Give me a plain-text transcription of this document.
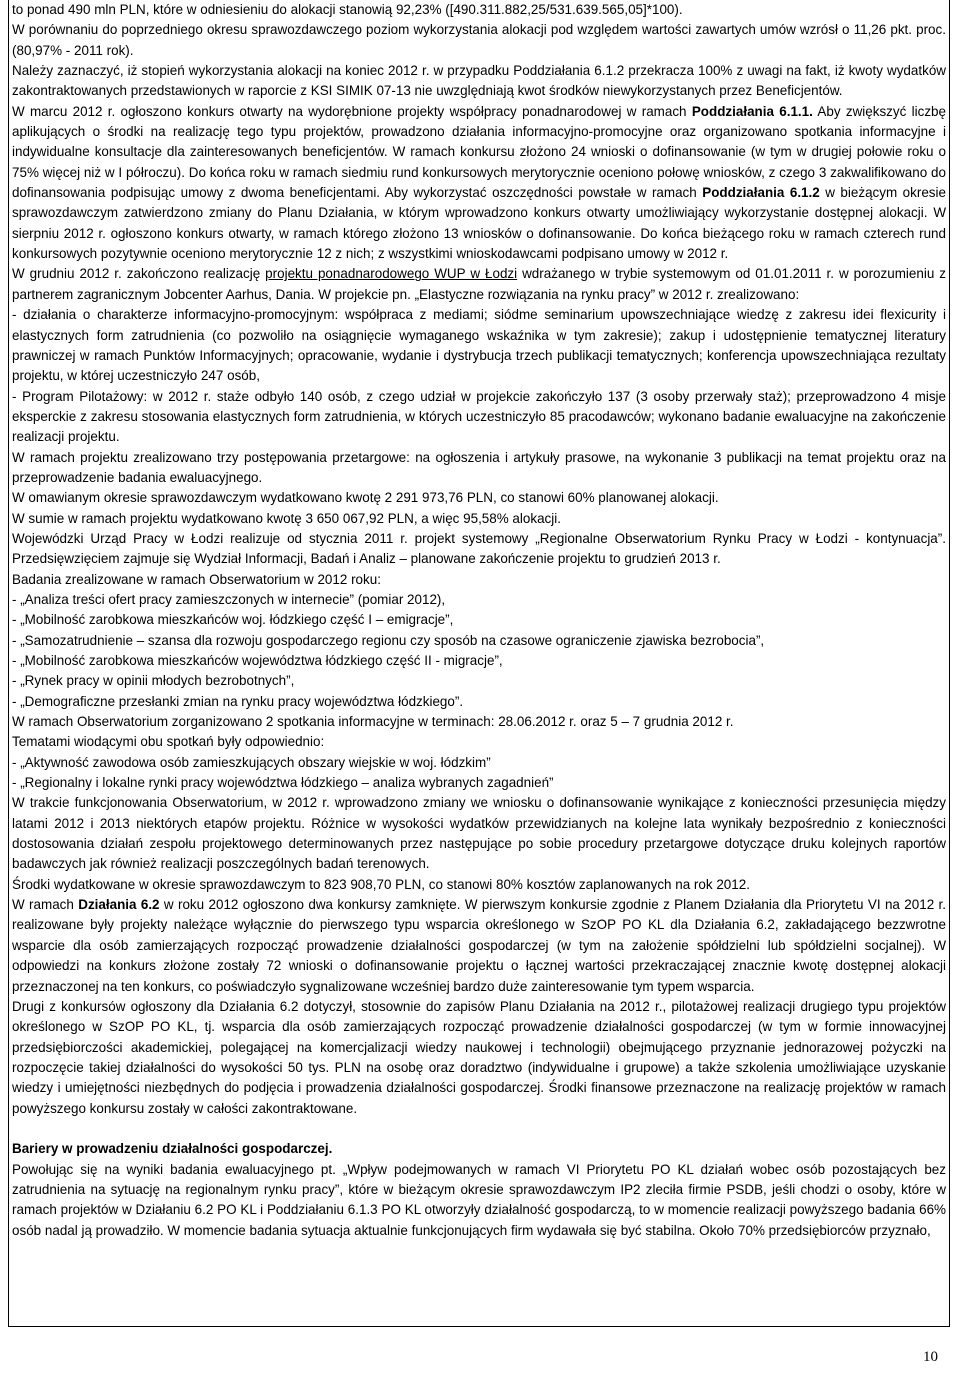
to ponad 490 mln PLN, które w odniesieniu do alokacji stanowią 92,23% ([490.311.882,25/531.639.565,05]*100).

W porównaniu do poprzedniego okresu sprawozdawczego poziom wykorzystania alokacji pod względem wartości zawartych umów wzrósł o 11,26 pkt. proc. (80,97% - 2011 rok).

Należy zaznaczyć, iż stopień wykorzystania alokacji na koniec 2012 r. w przypadku Poddziałania 6.1.2 przekracza 100% z uwagi na fakt, iż kwoty wydatków zakontraktowanych przedstawionych w raporcie z KSI SIMIK 07-13 nie uwzględniają kwot środków niewykorzystanych przez Beneficjentów.

W marcu 2012 r. ogłoszono konkurs otwarty na wydorębnione projekty współpracy ponadnarodowej w ramach Poddziałania 6.1.1. Aby zwiększyć liczbę aplikujących o środki na realizację tego typu projektów, prowadzono działania informacyjno-promocyjne oraz organizowano spotkania informacyjne i indywidualne konsultacje dla zainteresowanych beneficjentów. W ramach konkursu złożono 24 wnioski o dofinansowanie (w tym w drugiej połowie roku o 75% więcej niż w I półroczu). Do końca roku w ramach siedmiu rund konkursowych merytorycznie oceniono połowę wniosków, z czego 3 zakwalifikowano do dofinansowania podpisując umowy z dwoma beneficjentami. Aby wykorzystać oszczędności powstałe w ramach Poddziałania 6.1.2 w bieżącym okresie sprawozdawczym zatwierdzono zmiany do Planu Działania, w którym wprowadzono konkurs otwarty umożliwiający wykorzystanie dostępnej alokacji. W sierpniu 2012 r. ogłoszono konkurs otwarty, w ramach którego złożono 13 wniosków o dofinansowanie. Do końca bieżącego roku w ramach czterech rund konkursowych pozytywnie oceniono merytorycznie 12 z nich; z wszystkimi wnioskodawcami podpisano umowy w 2012 r.

W grudniu 2012 r. zakończono realizację projektu ponadnarodowego WUP w Łodzi wdrażanego w trybie systemowym od 01.01.2011 r. w porozumieniu z partnerem zagranicznym Jobcenter Aarhus, Dania. W projekcie pn. „Elastyczne rozwiązania na rynku pracy” w 2012 r. zrealizowano:

- działania o charakterze informacyjno-promocyjnym: współpraca z mediami; siódme seminarium upowszechniające wiedzę z zakresu idei flexicurity i elastycznych form zatrudnienia (co pozwoliło na osiągnięcie wymaganego wskaźnika w tym zakresie); zakup i udostępnienie tematycznej literatury prawniczej w ramach Punktów Informacyjnych; opracowanie, wydanie i dystrybucja trzech publikacji tematycznych; konferencja upowszechniająca rezultaty projektu, w której uczestniczyło 247 osób,

- Program Pilotażowy: w 2012 r. staże odbyło 140 osób, z czego udział w projekcie zakończyło 137 (3 osoby przerwały staż); przeprowadzono 4 misje eksperckie z zakresu stosowania elastycznych form zatrudnienia, w których uczestniczyło 85 pracodawców; wykonano badanie ewaluacyjne na zakończenie realizacji projektu.

W ramach projektu zrealizowano trzy postępowania przetargowe: na ogłoszenia i artykuły prasowe, na wykonanie 3 publikacji na temat projektu oraz na przeprowadzenie badania ewaluacyjnego.

W omawianym okresie sprawozdawczym wydatkowano kwotę 2 291 973,76 PLN, co stanowi 60% planowanej alokacji.

W sumie w ramach projektu wydatkowano kwotę 3 650 067,92 PLN, a więc 95,58% alokacji.

Wojewódzki Urząd Pracy w Łodzi realizuje od stycznia 2011 r. projekt systemowy „Regionalne Obserwatorium Rynku Pracy w Łodzi - kontynuacja”. Przedsięwzięciem zajmuje się Wydział Informacji, Badań i Analiz – planowane zakończenie projektu to grudzień 2013 r.

Badania zrealizowane w ramach Obserwatorium w 2012 roku:

- „Analiza treści ofert pracy zamieszczonych w internecie” (pomiar 2012),

- „Mobilność zarobkowa mieszkańców woj. łódzkiego część I – emigracje”,

- „Samozatrudnienie – szansa dla rozwoju gospodarczego regionu czy sposób na czasowe ograniczenie zjawiska bezrobocia”,

- „Mobilność zarobkowa mieszkańców województwa łódzkiego część II - migracje”,

- „Rynek pracy w opinii młodych bezrobotnych”,

- „Demograficzne przesłanki zmian na rynku pracy województwa łódzkiego”.

W ramach Obserwatorium zorganizowano 2 spotkania informacyjne w terminach: 28.06.2012 r. oraz 5 – 7 grudnia 2012 r.

Tematami wiodącymi obu spotkań były odpowiednio:

- „Aktywność zawodowa osób zamieszkujących obszary wiejskie w woj. łódzkim”

- „Regionalny i lokalne rynki pracy województwa łódzkiego – analiza wybranych zagadnień”

W trakcie funkcjonowania Obserwatorium, w 2012 r. wprowadzono zmiany we wniosku o dofinansowanie wynikające z konieczności przesunięcia między latami 2012 i 2013 niektórych etapów projektu. Różnice w wysokości wydatków przewidzianych na kolejne lata wynikały bezpośrednio z konieczności dostosowania działań zespołu projektowego determinowanych przez następujące po sobie procedury przetargowe dotyczące druku kolejnych raportów badawczych jak również realizacji poszczególnych badań terenowych.

Środki wydatkowane w okresie sprawozdawczym to 823 908,70 PLN, co stanowi 80% kosztów zaplanowanych na rok 2012.

W ramach Działania 6.2 w roku 2012 ogłoszono dwa konkursy zamknięte. W pierwszym konkursie zgodnie z Planem Działania dla Priorytetu VI na 2012 r. realizowane były projekty należące wyłącznie do pierwszego typu wsparcia określonego w SzOP PO KL dla Działania 6.2, zakładającego bezzwrotne wsparcie dla osób zamierzających rozpocząć prowadzenie działalności gospodarczej (w tym na założenie spółdzielni lub spółdzielni socjalnej). W odpowiedzi na konkurs złożone zostały 72 wnioski o dofinansowanie projektu o łącznej wartości przekraczającej znacznie kwotę dostępnej alokacji przeznaczonej na ten konkurs, co poświadczyło sygnalizowane wcześniej bardzo duże zainteresowanie tym typem wsparcia.

Drugi z konkursów ogłoszony dla Działania 6.2 dotyczył, stosownie do zapisów Planu Działania na 2012 r., pilotażowej realizacji drugiego typu projektów określonego w SzOP PO KL, tj. wsparcia dla osób zamierzających rozpocząć prowadzenie działalności gospodarczej (w tym w formie innowacyjnej przedsiębiorczości akademickiej, polegającej na komercjalizacji wiedzy naukowej i technologii) obejmującego przyznanie jednorazowej pożyczki na rozpoczęcie takiej działalności do wysokości 50 tys. PLN na osobę oraz doradztwo (indywidualne i grupowe) a także szkolenia umożliwiające uzyskanie wiedzy i umiejętności niezbędnych do podjęcia i prowadzenia działalności gospodarczej. Środki finansowe przeznaczone na realizację projektów w ramach powyższego konkursu zostały w całości zakontraktowane.

Bariery w prowadzeniu działalności gospodarczej.

Powołując się na wyniki badania ewaluacyjnego pt. „Wpływ podejmowanych w ramach VI Priorytetu PO KL działań wobec osób pozostających bez zatrudnienia na sytuację na regionalnym rynku pracy”, które w bieżącym okresie sprawozdawczym IP2 zleciła firmie PSDB, jeśli chodzi o osoby, które w ramach projektów w Działaniu 6.2 PO KL i Poddziałaniu 6.1.3 PO KL otworzyły działalność gospodarczą, to w momencie realizacji powyższego badania 66% osób nadal ją prowadziło. W momencie badania sytuacja aktualnie funkcjonujących firm wydawała się być stabilna. Około 70% przedsiębiorców przyznało,

10
